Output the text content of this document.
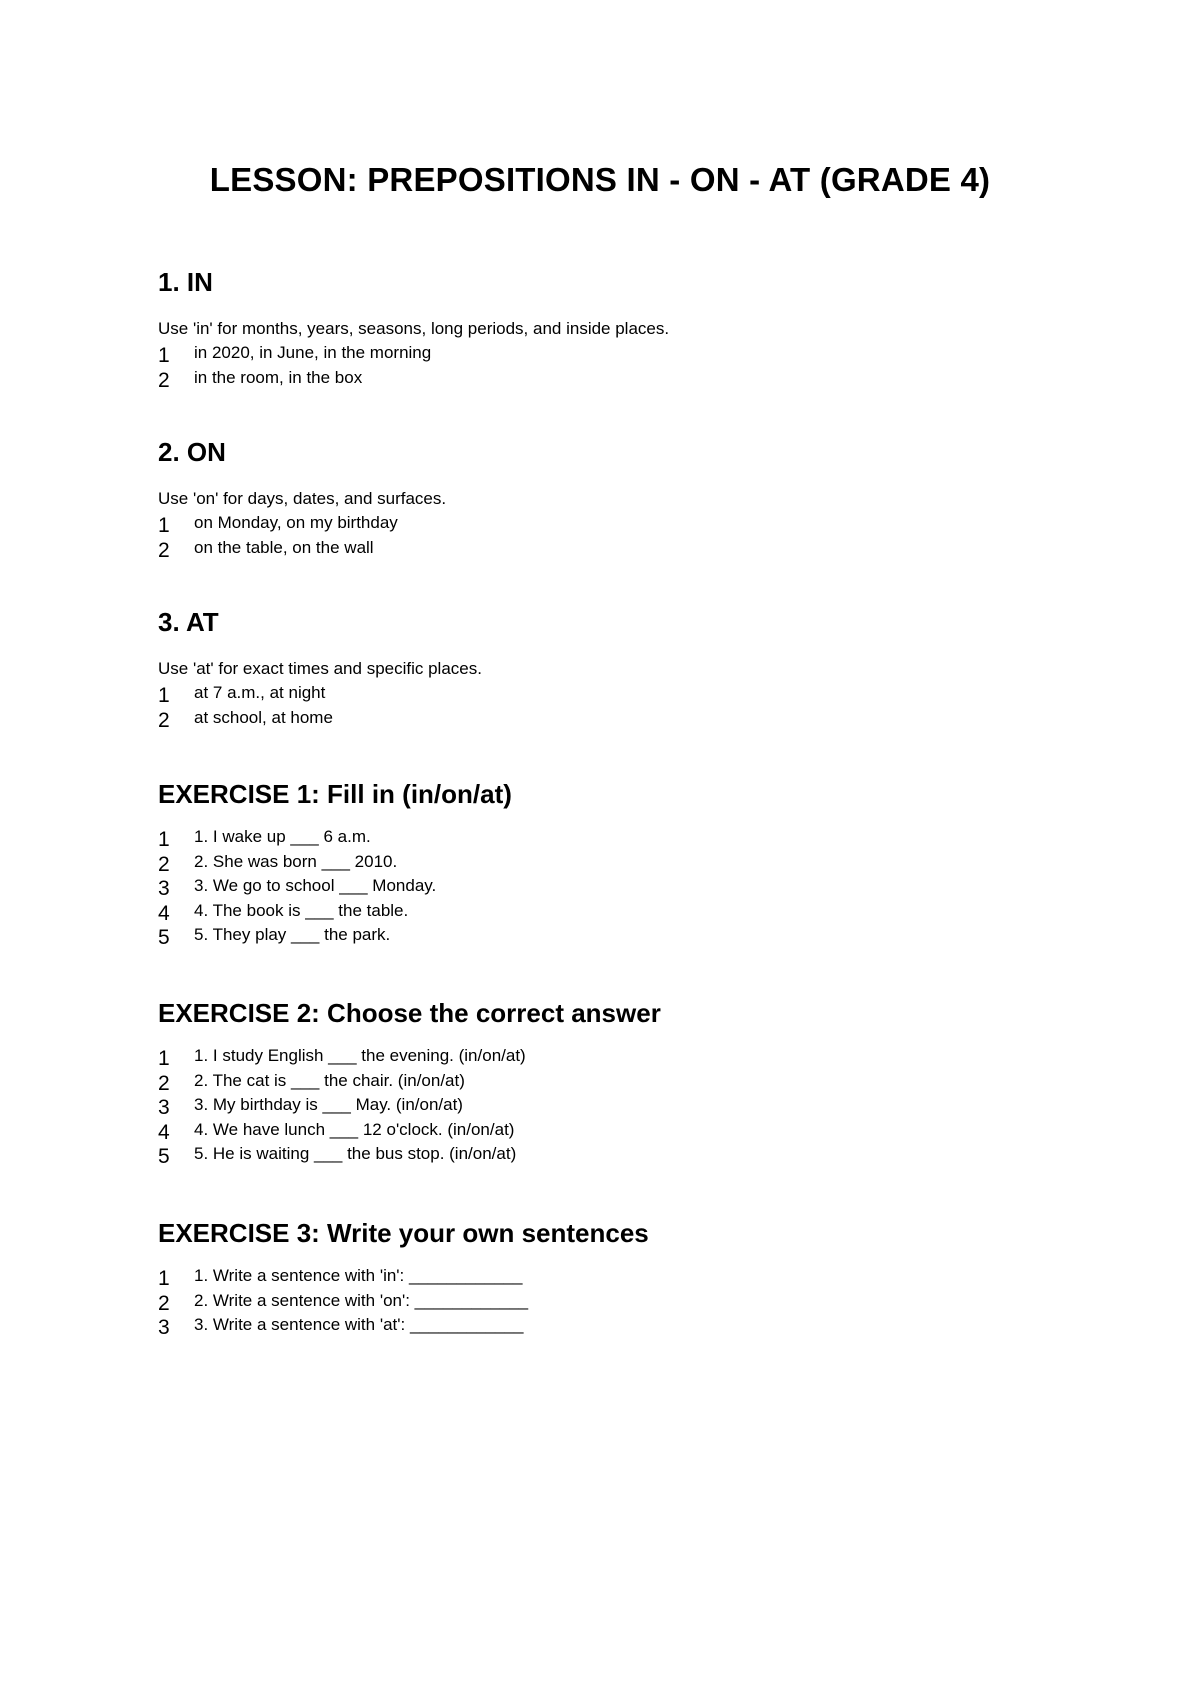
LESSON: PREPOSITIONS IN - ON - AT (GRADE 4)
1. IN
Use 'in' for months, years, seasons, long periods, and inside places.
1	in 2020, in June, in the morning
2	in the room, in the box
2. ON
Use 'on' for days, dates, and surfaces.
1	on Monday, on my birthday
2	on the table, on the wall
3. AT
Use 'at' for exact times and specific places.
1	at 7 a.m., at night
2	at school, at home
EXERCISE 1: Fill in (in/on/at)
1	1. I wake up ___ 6 a.m.
2	2. She was born ___ 2010.
3	3. We go to school ___ Monday.
4	4. The book is ___ the table.
5	5. They play ___ the park.
EXERCISE 2: Choose the correct answer
1	1. I study English ___ the evening. (in/on/at)
2	2. The cat is ___ the chair. (in/on/at)
3	3. My birthday is ___ May. (in/on/at)
4	4. We have lunch ___ 12 o'clock. (in/on/at)
5	5. He is waiting ___ the bus stop. (in/on/at)
EXERCISE 3: Write your own sentences
1	1. Write a sentence with 'in': ____________
2	2. Write a sentence with 'on': ____________
3	3. Write a sentence with 'at': ____________
